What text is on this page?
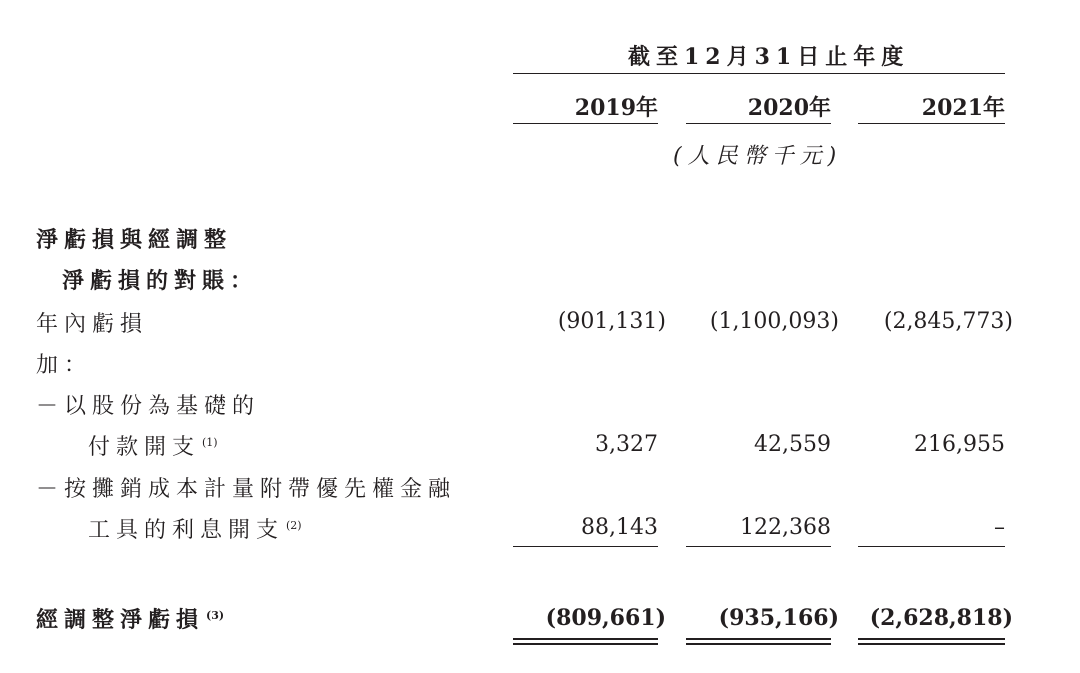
截至12月31日止年度
2019年	2020年	2021年
(人民幣千元)
淨虧損與經調整
淨虧損的對賬：
年內虧損	(901,131)	(1,100,093)	(2,845,773)
加：
－以股份為基礎的
付款開支 $^{(1)}$	3,327	42,559	216,955
－按攤銷成本計量附帶優先權金融
工具的利息開支 $^{(2)}$	88,143	122,368	–
經調整淨虧損 $^{(3)}$	(809,661)	(935,166)	(2,628,818)
